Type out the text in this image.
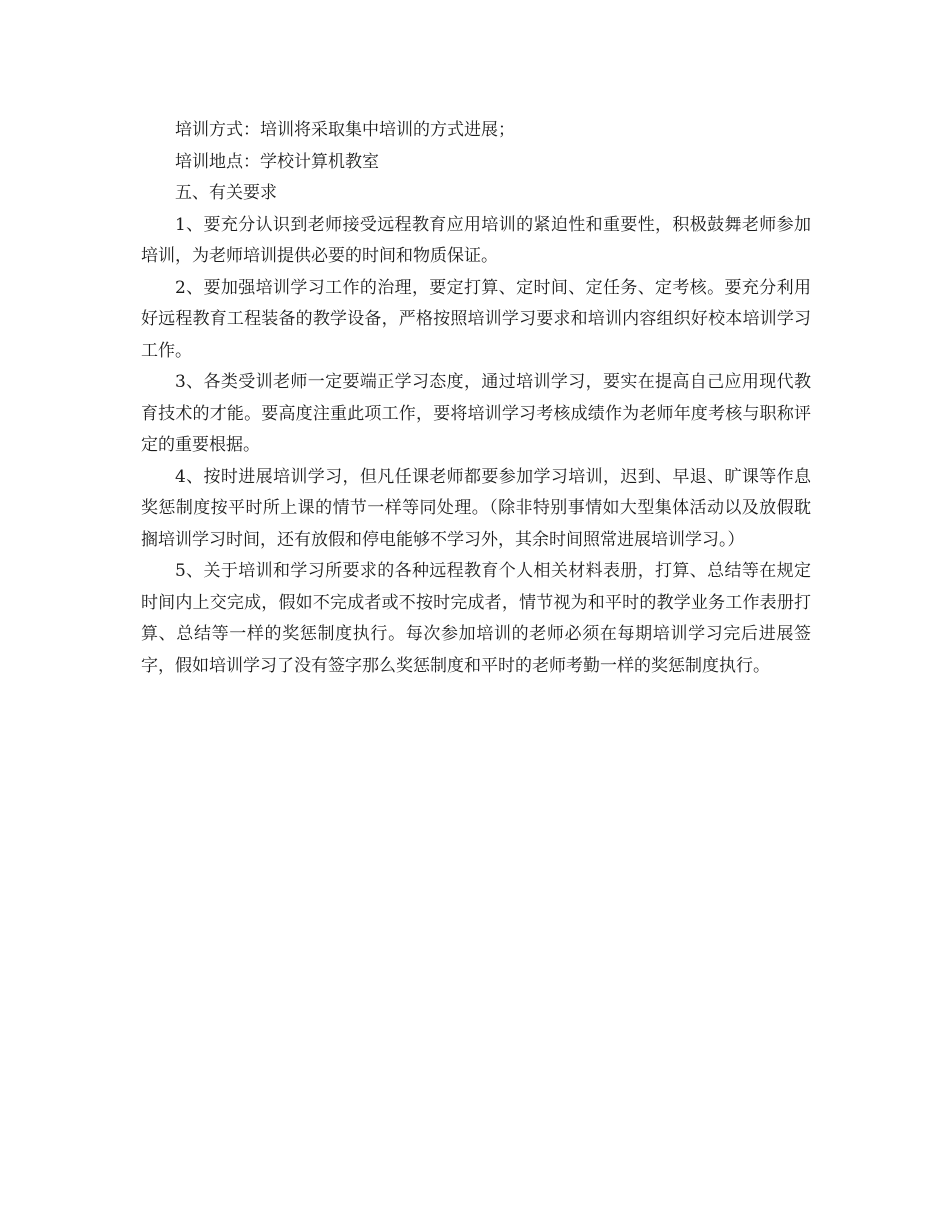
培训方式：培训将采取集中培训的方式进展；

培训地点：学校计算机教室

五、有关要求

1、要充分认识到老师接受远程教育应用培训的紧迫性和重要性，积极鼓舞老师参加培训，为老师培训提供必要的时间和物质保证。

2、要加强培训学习工作的治理，要定打算、定时间、定任务、定考核。要充分利用好远程教育工程装备的教学设备，严格按照培训学习要求和培训内容组织好校本培训学习工作。

3、各类受训老师一定要端正学习态度，通过培训学习，要实在提高自己应用现代教育技术的才能。要高度注重此项工作，要将培训学习考核成绩作为老师年度考核与职称评定的重要根据。

4、按时进展培训学习，但凡任课老师都要参加学习培训，迟到、早退、旷课等作息奖惩制度按平时所上课的情节一样等同处理。（除非特别事情如大型集体活动以及放假耽搁培训学习时间，还有放假和停电能够不学习外，其余时间照常进展培训学习。）

5、关于培训和学习所要求的各种远程教育个人相关材料表册，打算、总结等在规定时间内上交完成，假如不完成者或不按时完成者，情节视为和平时的教学业务工作表册打算、总结等一样的奖惩制度执行。每次参加培训的老师必须在每期培训学习完后进展签字，假如培训学习了没有签字那么奖惩制度和平时的老师考勤一样的奖惩制度执行。
